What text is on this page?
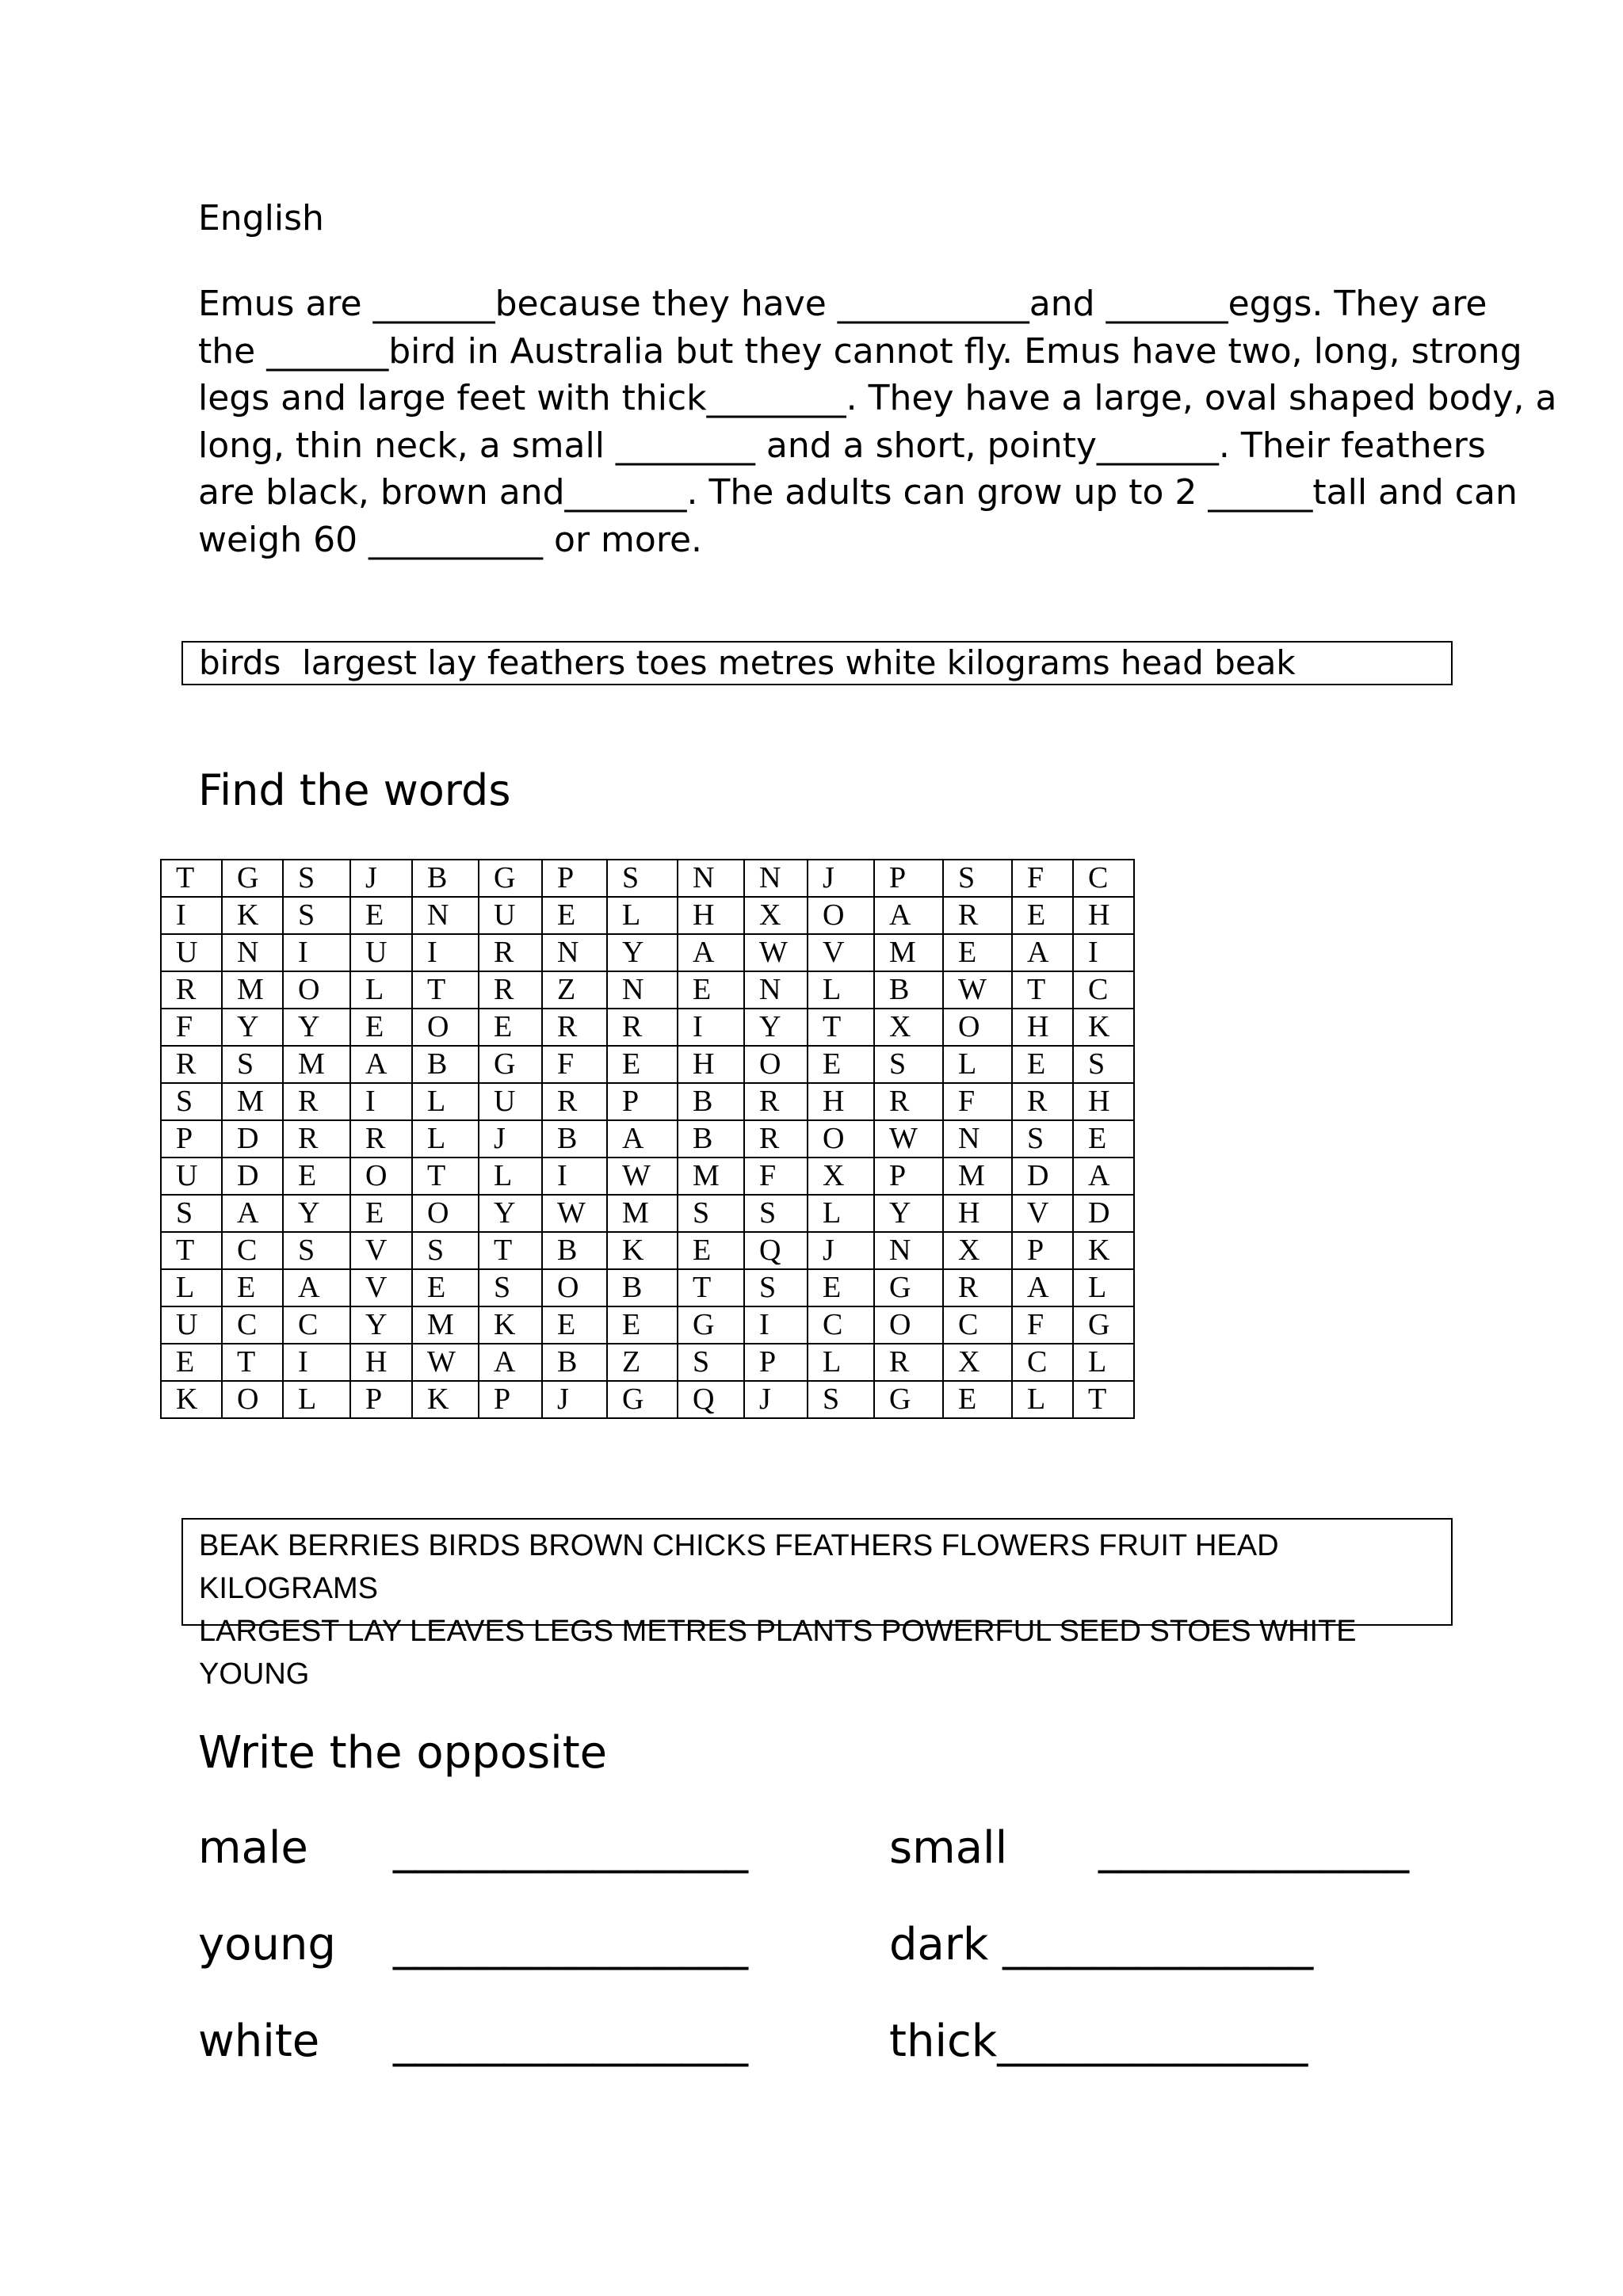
English
Emus are _______because they have ___________and _______eggs. They are
the _______bird in Australia but they cannot fly. Emus have two, long, strong
legs and large feet with thick________. They have a large, oval shaped body, a
long, thin neck, a small ________ and a short, pointy_______. Their feathers
are black, brown and_______. The adults can grow up to 2 ______tall and can
weigh 60 __________ or more.
birds  largest lay feathers toes metres white kilograms head beak
Find the words
T	G	S	J	B	G	P	S	N	N	J	P	S	F	C
I	K	S	E	N	U	E	L	H	X	O	A	R	E	H
U	N	I	U	I	R	N	Y	A	W	V	M	E	A	I
R	M	O	L	T	R	Z	N	E	N	L	B	W	T	C
F	Y	Y	E	O	E	R	R	I	Y	T	X	O	H	K
R	S	M	A	B	G	F	E	H	O	E	S	L	E	S
S	M	R	I	L	U	R	P	B	R	H	R	F	R	H
P	D	R	R	L	J	B	A	B	R	O	W	N	S	E
U	D	E	O	T	L	I	W	M	F	X	P	M	D	A
S	A	Y	E	O	Y	W	M	S	S	L	Y	H	V	D
T	C	S	V	S	T	B	K	E	Q	J	N	X	P	K
L	E	A	V	E	S	O	B	T	S	E	G	R	A	L
U	C	C	Y	M	K	E	E	G	I	C	O	C	F	G
E	T	I	H	W	A	B	Z	S	P	L	R	X	C	L
K	O	L	P	K	P	J	G	Q	J	S	G	E	L	T
BEAK BERRIES BIRDS BROWN CHICKS FEATHERS FLOWERS FRUIT HEAD KILOGRAMS
LARGEST LAY LEAVES LEGS METRES PLANTS POWERFUL SEED STOES WHITE YOUNG
Write the opposite
male ________________	small ______________
young ________________	dark ______________
white ________________	thick______________
